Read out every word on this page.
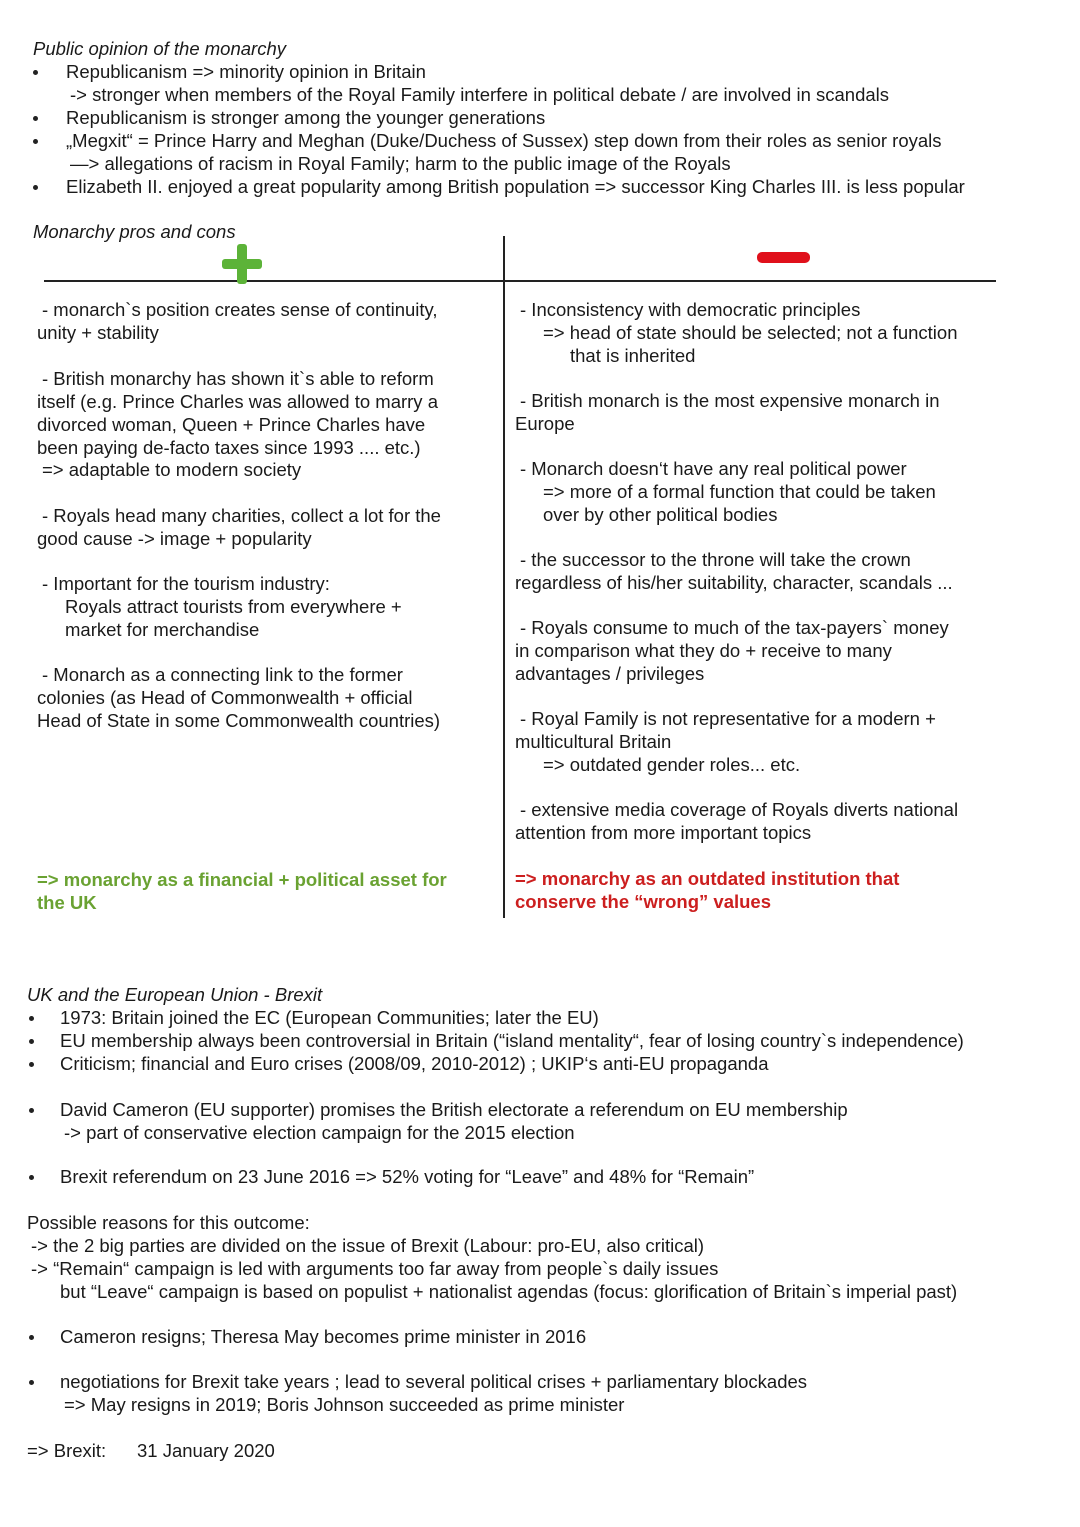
Public opinion of the monarchy
Republicanism => minority opinion in Britain
-> stronger when members of the Royal Family interfere in political debate / are involved in scandals
Republicanism is stronger among the younger generations
„Megxit“ = Prince Harry and Meghan (Duke/Duchess of Sussex) step down from their roles as senior royals
—> allegations of racism in Royal Family; harm to the public image of the Royals
Elizabeth II. enjoyed a great popularity among British population => successor King Charles III. is less popular
Monarchy pros and cons
- monarch`s position creates sense of continuity,
unity + stability
- British monarchy has shown it`s able to reform
itself (e.g. Prince Charles was allowed to marry a
divorced woman, Queen + Prince Charles have
been paying de-facto taxes since 1993 .... etc.)
=> adaptable to modern society
- Royals head many charities, collect a lot for the
good cause -> image + popularity
- Important for the tourism industry:
Royals attract tourists from everywhere +
market for merchandise
- Monarch as a connecting link to the former
colonies (as Head of Commonwealth + official
Head of State in some Commonwealth countries)
=> monarchy as a financial + political asset for
the UK
- Inconsistency with democratic principles
=> head of state should be selected; not a function
that is inherited
- British monarch is the most expensive monarch in
Europe
- Monarch doesn‘t have any real political power
=> more of a formal function that could be taken
over by other political bodies
- the successor to the throne will take the crown
regardless of his/her suitability, character, scandals ...
- Royals consume to much of the tax-payers` money
in comparison what they do + receive to many
advantages / privileges
- Royal Family is not representative for a modern +
multicultural Britain
=> outdated gender roles... etc.
- extensive media coverage of Royals diverts national
attention from more important topics
=> monarchy as an outdated institution that
conserve the “wrong” values
UK and the European Union - Brexit
1973: Britain joined the EC (European Communities; later the EU)
EU membership always been controversial in Britain (“island mentality“, fear of losing country`s independence)
Criticism; financial and Euro crises (2008/09, 2010-2012) ; UKIP‘s anti-EU propaganda
David Cameron (EU supporter) promises the British electorate a referendum on EU membership
-> part of conservative election campaign for the 2015 election
Brexit referendum on 23 June 2016 => 52% voting for “Leave” and 48% for “Remain”
Possible reasons for this outcome:
-> the 2 big parties are divided on the issue of Brexit (Labour: pro-EU, also critical)
-> “Remain“ campaign is led with arguments too far away from people`s daily issues
but “Leave“ campaign is based on populist + nationalist agendas (focus: glorification of Britain`s imperial past)
Cameron resigns; Theresa May becomes prime minister in 2016
negotiations for Brexit take years ; lead to several political crises + parliamentary blockades
=> May resigns in 2019; Boris Johnson succeeded as prime minister
=> Brexit: 31 January 2020
